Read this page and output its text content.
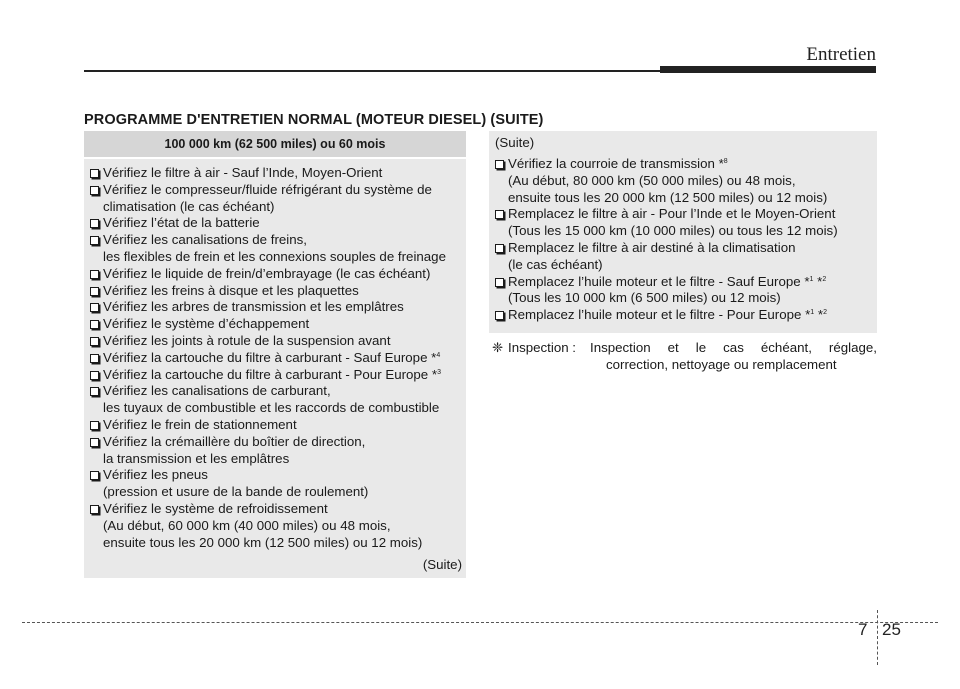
Entretien
PROGRAMME D'ENTRETIEN NORMAL (MOTEUR DIESEL) (SUITE)
100 000 km (62 500 miles) ou 60 mois
Vérifiez le filtre à air - Sauf l’Inde, Moyen-Orient
Vérifiez le compresseur/fluide réfrigérant du système de
climatisation (le cas échéant)
Vérifiez l’état de la batterie
Vérifiez les canalisations de freins,
les flexibles de frein et les connexions souples de freinage
Vérifiez le liquide de frein/d’embrayage (le cas échéant)
Vérifiez les freins à disque et les plaquettes
Vérifiez les arbres de transmission et les emplâtres
Vérifiez le système d’échappement
Vérifiez les joints à rotule de la suspension avant
Vérifiez la cartouche du filtre à carburant - Sauf Europe *$^4$
Vérifiez la cartouche du filtre à carburant - Pour Europe *$^3$
Vérifiez les canalisations de carburant,
les tuyaux de combustible et les raccords de combustible
Vérifiez le frein de stationnement
Vérifiez la crémaillère du boîtier de direction,
la transmission et les emplâtres
Vérifiez les pneus
(pression et usure de la bande de roulement)
Vérifiez le système de refroidissement
(Au début, 60 000 km (40 000 miles) ou 48 mois,
ensuite tous les 20 000 km (12 500 miles) ou 12 mois)
(Suite)
(Suite)
Vérifiez la courroie de transmission *$^8$
(Au début, 80 000 km (50 000 miles) ou 48 mois,
ensuite tous les 20 000 km (12 500 miles) ou 12 mois)
Remplacez le filtre à air - Pour l’Inde et le Moyen-Orient
(Tous les 15 000 km (10 000 miles) ou tous les 12 mois)
Remplacez le filtre à air destiné à la climatisation
(le cas échéant)
Remplacez l’huile moteur et le filtre - Sauf Europe *$^1$ *$^2$
(Tous les 10 000 km (6 500 miles) ou 12 mois)
Remplacez l’huile moteur et le filtre - Pour Europe *$^1$ *$^2$
❈ Inspection :	Inspection et le cas échéant, réglage,
correction, nettoyage ou remplacement
7 25
